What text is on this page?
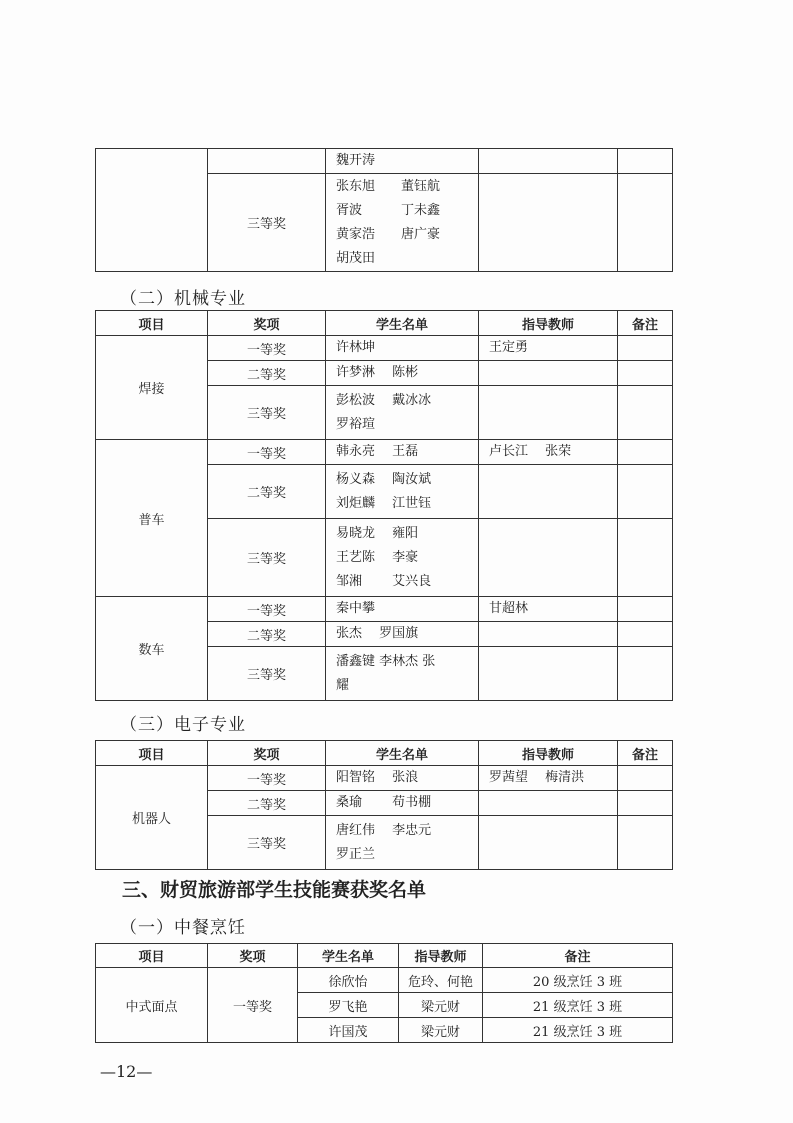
		魏开涛		
	三等奖	张东旭　　董钰航
胥波　　　丁未鑫
黄家浩　　唐广豪
胡茂田		

（二）机械专业
项目	奖项	学生名单	指导教师	备注
焊接	一等奖	许林坤	王定勇	
	二等奖	许梦淋　 陈彬		

	三等奖	彭松波　 戴冰冰
罗裕瑄		

普车	一等奖	韩永亮　 王磊	卢长江　 张荣	
	二等奖	杨义森　 陶汝斌
刘炬麟　 江世钰		

	三等奖	易晓龙　 雍阳
王艺陈　 李豪
邹湘　　 艾兴良		

数车	一等奖	秦中攀	甘超林	
	二等奖	张杰　 罗国旗		

	三等奖	潘鑫键 李林杰 张
耀		

（三）电子专业
项目	奖项	学生名单	指导教师	备注
机器人	一等奖	阳智铭　 张浪	罗茜望　 梅清洪	
	二等奖	桑瑜　　 苟书棚		

	三等奖	唐红伟　 李忠元
罗正兰		

三、财贸旅游部学生技能赛获奖名单
（一）中餐烹饪
项目	奖项	学生名单	指导教师	备注
中式面点	一等奖	徐欣怡	危玲、何艳	20 级烹饪 3 班
		罗飞艳	梁元财	21 级烹饪 3 班
		许国茂	梁元财	21 级烹饪 3 班
—12—
